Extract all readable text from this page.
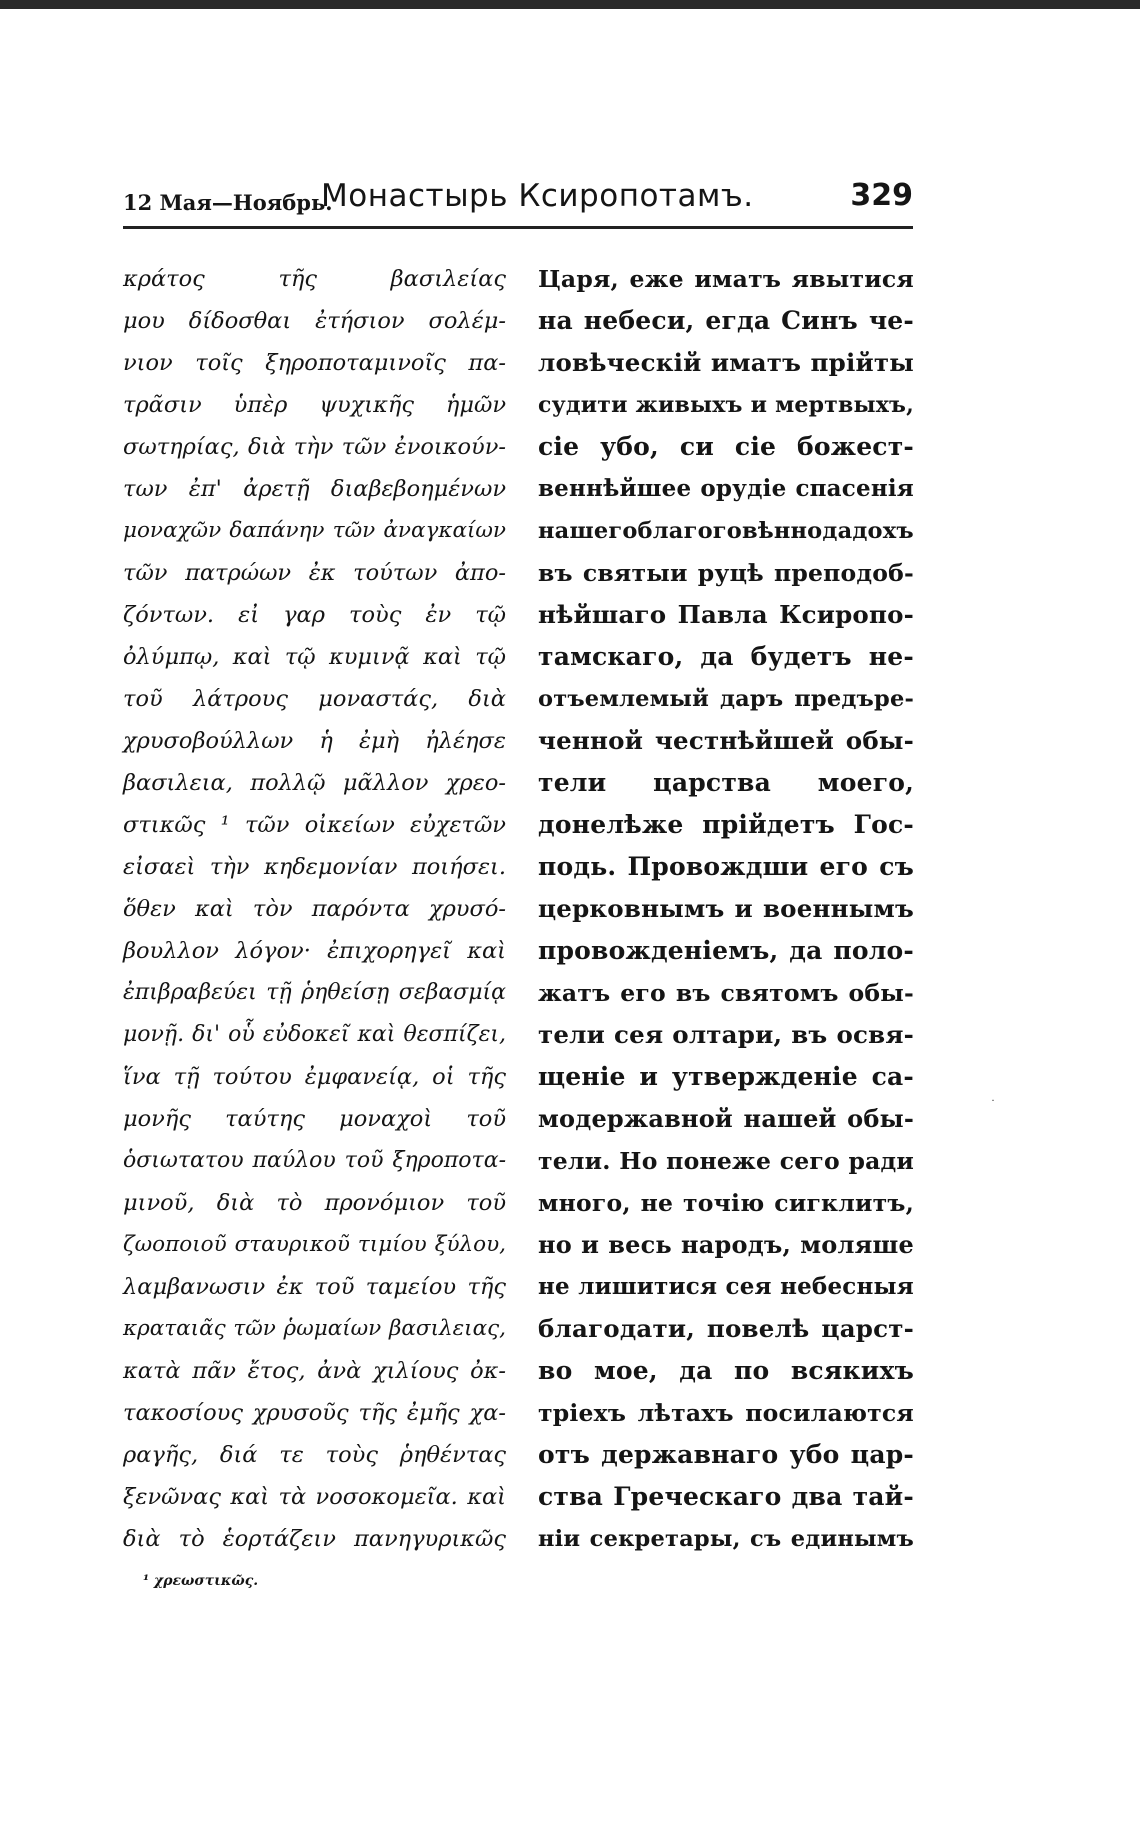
12 Мая—Ноябрь.
Монастырь Ксиропотамъ.	329
κράτος τῆς βασιλείας
μου δίδοσθαι ἐτήσιον σολέμ-
νιον τοῖς ξηροποταμινοῖς πα-
τρᾶσιν ὑπὲρ ψυχικῆς ἡμῶν
σωτηρίας, διὰ τὴν τῶν ἐνοικούν-
των ἐπ' ἀρετῇ διαβεβοημένων
μοναχῶν δαπάνην τῶν ἀναγκαίων
τῶν πατρώων ἐκ τούτων ἀπο-
ζόντων. εἰ γαρ τοὺς ἐν τῷ
ὀλύμπῳ, καὶ τῷ κυμινᾷ καὶ τῷ
τοῦ λάτρους μοναστάς, διὰ
χρυσοβούλλων ἡ ἐμὴ ἠλέησε
βασιλεια, πολλῷ μᾶλλον χρεο-
στικῶς ¹ τῶν οἰκείων εὐχετῶν
εἰσαεὶ τὴν κηδεμονίαν ποιήσει.
ὅθεν καὶ τὸν παρόντα χρυσό-
βουλλον λόγον· ἐπιχορηγεῖ καὶ
ἐπιβραβεύει τῇ ῥηθείσῃ σεβασμίᾳ
μονῇ. δι' οὗ εὐδοκεῖ καὶ θεσπίζει,
ἵνα τῇ τούτου ἐμφανείᾳ, οἱ τῆς
μονῆς ταύτης μοναχοὶ τοῦ
ὁσιωτατου παύλου τοῦ ξηροποτα-
μινοῦ, διὰ τὸ προνόμιον τοῦ
ζωοποιοῦ σταυρικοῦ τιμίου ξύλου,
λαμβανωσιν ἐκ τοῦ ταμείου τῆς
κραταιᾶς τῶν ῥωμαίων βασιλειας,
κατὰ πᾶν ἔτος, ἀνὰ χιλίους ὀκ-
τακοσίους χρυσοῦς τῆς ἐμῆς χα-
ραγῆς, διά τε τοὺς ῥηθέντας
ξενῶνας καὶ τὰ νοσοκομεῖα. καὶ
διὰ τὸ ἑορτάζειν πανηγυρικῶς
Царя, еже иматъ явытися
на небеси, егда Синъ че-
ловѣческій иматъ прійты
судити живыхъ и мертвыхъ,
сіе убо, си сіе божест-
веннѣйшее орудіе спасенія
нашегоблагоговѣннодадохъ
въ святыи руцѣ преподоб-
нѣйшаго Павла Ксиропо-
тамскаго, да будетъ не-
отъемлемый даръ предъре-
ченной честнѣйшей обы-
тели царства моего,
донелѣже прійдетъ Гос-
подь. Провождши его съ
церковнымъ и военнымъ
провожденіемъ, да поло-
жатъ его въ святомъ обы-
тели сея олтари, въ освя-
щеніе и утвержденіе са-
модержавной нашей обы-
тели. Но понеже сего ради
много, не точію сигклитъ,
но и весь народъ, моляше
не лишитися сея небесныя
благодати, повелѣ царст-
во мое, да по всякихъ
тріехъ лѣтахъ посилаются
отъ державнаго убо цар-
ства Греческаго два тай-
ніи секретары, съ единымъ
¹ χρεωστικῶς.
˙
